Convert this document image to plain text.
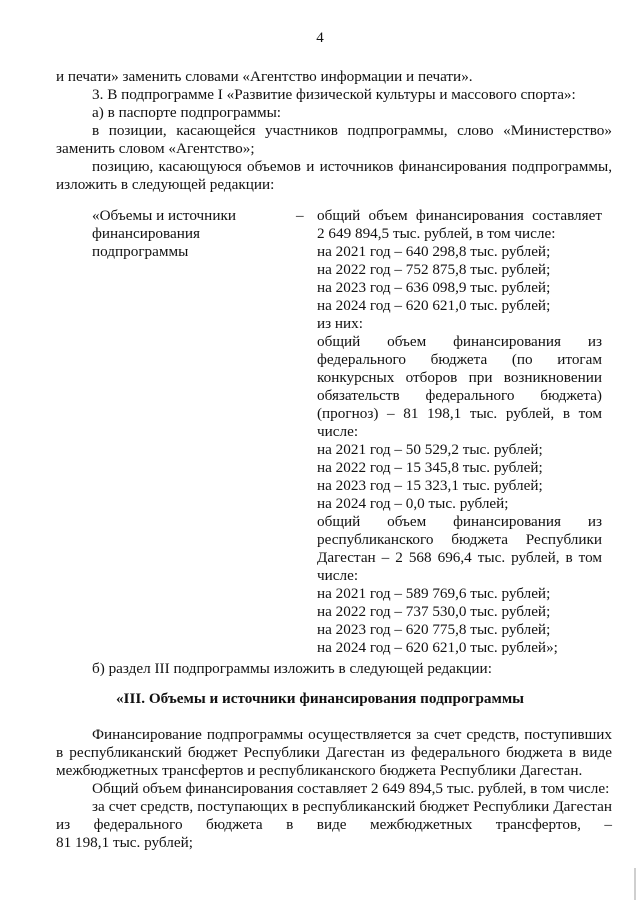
4
и печати» заменить словами «Агентство информации и печати».
3. В подпрограмме I «Развитие физической культуры и массового спорта»:
а) в паспорте подпрограммы:
в позиции, касающейся участников подпрограммы, слово «Министерство»
заменить словом «Агентство»;
позицию, касающуюся объемов и источников финансирования подпрограммы,
изложить в следующей редакции:
«Объемы и источники
финансирования
подпрограммы
– общий объем финансирования составляет
2 649 894,5 тыс. рублей, в том числе:
на 2021 год – 640 298,8 тыс. рублей;
на 2022 год – 752 875,8 тыс. рублей;
на 2023 год – 636 098,9 тыс. рублей;
на 2024 год – 620 621,0 тыс. рублей;
из них:
общий объем финансирования из
федерального бюджета (по итогам
конкурсных отборов при возникновении
обязательств федерального бюджета)
(прогноз) – 81 198,1 тыс. рублей, в том
числе:
на 2021 год – 50 529,2 тыс. рублей;
на 2022 год – 15 345,8 тыс. рублей;
на 2023 год – 15 323,1 тыс. рублей;
на 2024 год – 0,0 тыс. рублей;
общий объем финансирования из
республиканского бюджета Республики
Дагестан – 2 568 696,4 тыс. рублей, в том
числе:
на 2021 год – 589 769,6 тыс. рублей;
на 2022 год – 737 530,0 тыс. рублей;
на 2023 год – 620 775,8 тыс. рублей;
на 2024 год – 620 621,0 тыс. рублей»;
б) раздел III подпрограммы изложить в следующей редакции:
«III. Объемы и источники финансирования подпрограммы
Финансирование подпрограммы осуществляется за счет средств, поступивших
в республиканский бюджет Республики Дагестан из федерального бюджета в виде
межбюджетных трансфертов и республиканского бюджета Республики Дагестан.
Общий объем финансирования составляет 2 649 894,5 тыс. рублей, в том числе:
за счет средств, поступающих в республиканский бюджет Республики Дагестан
из федерального бюджета в виде межбюджетных трансфертов, –
81 198,1 тыс. рублей;
